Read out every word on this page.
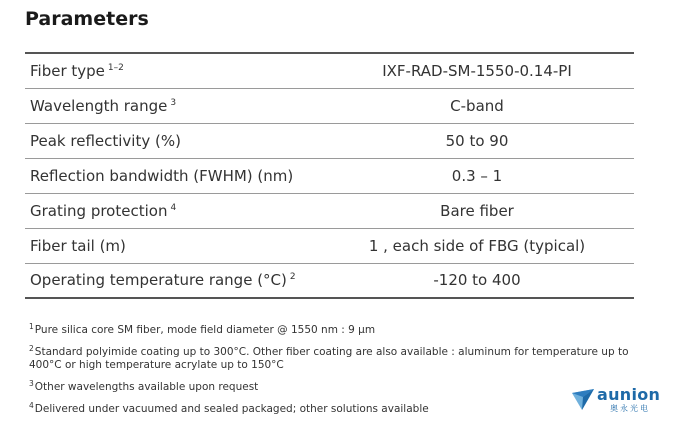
Parameters
Fiber type $^{1-2}$	IXF-RAD-SM-1550-0.14-PI
Wavelength range $^3$	C-band
Peak reflectivity (%)	50 to 90
Reflection bandwidth (FWHM) (nm)	0.3 – 1
Grating protection $^4$	Bare fiber
Fiber tail (m)	1 , each side of FBG (typical)
Operating temperature range (°C) $^2$	-120 to 400

$^1$Pure silica core SM fiber, mode field diameter @ 1550 nm : 9 µm

$^2$Standard polyimide coating up to 300°C. Other fiber coating are also available : aluminum for temperature up to 400°C or high temperature acrylate up to 150°C

$^3$Other wavelengths available upon request

$^4$Delivered under vacuumed and sealed packaged; other solutions available

aunion
奥永光电
